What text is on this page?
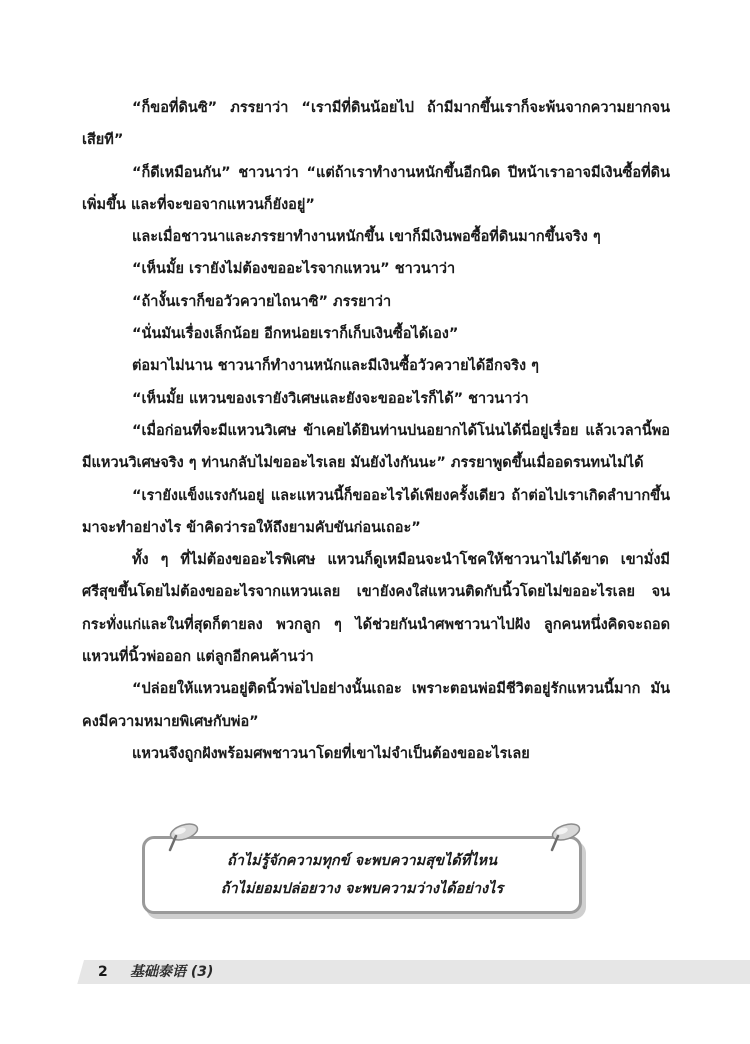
“ก็ขอที่ดินซิ” ภรรยาว่า “เรามีที่ดินน้อยไป ถ้ามีมากขึ้นเราก็จะพ้นจากความยากจนเสียที”

“ก็ดีเหมือนกัน” ชาวนาว่า “แต่ถ้าเราทำงานหนักขึ้นอีกนิด ปีหน้าเราอาจมีเงินซื้อที่ดินเพิ่มขึ้น และที่จะขอจากแหวนก็ยังอยู่”

และเมื่อชาวนาและภรรยาทำงานหนักขึ้น เขาก็มีเงินพอซื้อที่ดินมากขึ้นจริง ๆ

“เห็นมั้ย เรายังไม่ต้องขออะไรจากแหวน” ชาวนาว่า

“ถ้างั้นเราก็ขอวัวควายไถนาซิ” ภรรยาว่า

“นั่นมันเรื่องเล็กน้อย อีกหน่อยเราก็เก็บเงินซื้อได้เอง”

ต่อมาไม่นาน ชาวนาก็ทำงานหนักและมีเงินซื้อวัวควายได้อีกจริง ๆ

“เห็นมั้ย แหวนของเรายังวิเศษและยังจะขออะไรก็ได้” ชาวนาว่า

“เมื่อก่อนที่จะมีแหวนวิเศษ ข้าเคยได้ยินท่านบ่นอยากได้โน่นได้นี่อยู่เรื่อย แล้วเวลานี้พอมีแหวนวิเศษจริง ๆ ท่านกลับไม่ขออะไรเลย มันยังไงกันนะ” ภรรยาพูดขึ้นเมื่ออดรนทนไม่ได้

“เรายังแข็งแรงกันอยู่ และแหวนนี้ก็ขออะไรได้เพียงครั้งเดียว ถ้าต่อไปเราเกิดลำบากขึ้นมาจะทำอย่างไร ข้าคิดว่ารอให้ถึงยามคับขันก่อนเถอะ”

ทั้ง ๆ ที่ไม่ต้องขออะไรพิเศษ แหวนก็ดูเหมือนจะนำโชคให้ชาวนาไม่ได้ขาด เขามั่งมีศรีสุขขึ้นโดยไม่ต้องขออะไรจากแหวนเลย เขายังคงใส่แหวนติดกับนิ้วโดยไม่ขออะไรเลย จนกระทั่งแก่และในที่สุดก็ตายลง พวกลูก ๆ ได้ช่วยกันนำศพชาวนาไปฝัง ลูกคนหนึ่งคิดจะถอดแหวนที่นิ้วพ่อออก แต่ลูกอีกคนค้านว่า

“ปล่อยให้แหวนอยู่ติดนิ้วพ่อไปอย่างนั้นเถอะ เพราะตอนพ่อมีชีวิตอยู่รักแหวนนี้มาก มันคงมีความหมายพิเศษกับพ่อ”

แหวนจึงถูกฝังพร้อมศพชาวนาโดยที่เขาไม่จำเป็นต้องขออะไรเลย

ถ้าไม่รู้จักความทุกข์ จะพบความสุขได้ที่ไหน
ถ้าไม่ยอมปล่อยวาง จะพบความว่างได้อย่างไร
2 基础泰语 (3)
